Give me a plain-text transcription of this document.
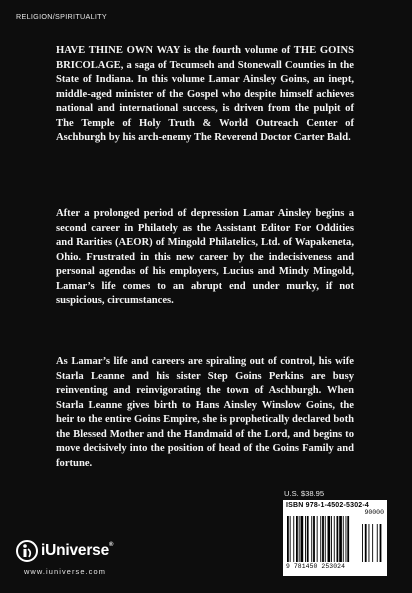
RELIGION/SPIRITUALITY

HAVE THINE OWN WAY is the fourth volume of THE GOINS BRICOLAGE, a saga of Tecumseh and Stonewall Counties in the State of Indiana. In this volume Lamar Ainsley Goins, an inept, middle-aged minister of the Gospel who despite himself achieves national and international success, is driven from the pulpit of The Temple of Holy Truth & World Outreach Center of Aschburgh by his arch-enemy The Reverend Doctor Carter Bald.

After a prolonged period of depression Lamar Ainsley begins a second career in Philately as the Assistant Editor For Oddities and Rarities (AEOR) of Mingold Philatelics, Ltd. of Wapakeneta, Ohio. Frustrated in this new career by the indecisiveness and personal agendas of his employers, Lucius and Mindy Mingold, Lamar’s life comes to an abrupt end under murky, if not suspicious, circumstances.

As Lamar’s life and careers are spiraling out of control, his wife Starla Leanne and his sister Step Goins Perkins are busy reinventing and reinvigorating the town of Aschburgh. When Starla Leanne gives birth to Hans Ainsley Winslow Goins, the heir to the entire Goins Empire, she is prophetically declared both the Blessed Mother and the Handmaid of the Lord, and begins to move decisively into the position of head of the Goins Family and fortune.

U.S. $38.95
ISBN 978-1-4502-5302-4
90000
9 781450 253024
iUniverse®
www.iuniverse.com
